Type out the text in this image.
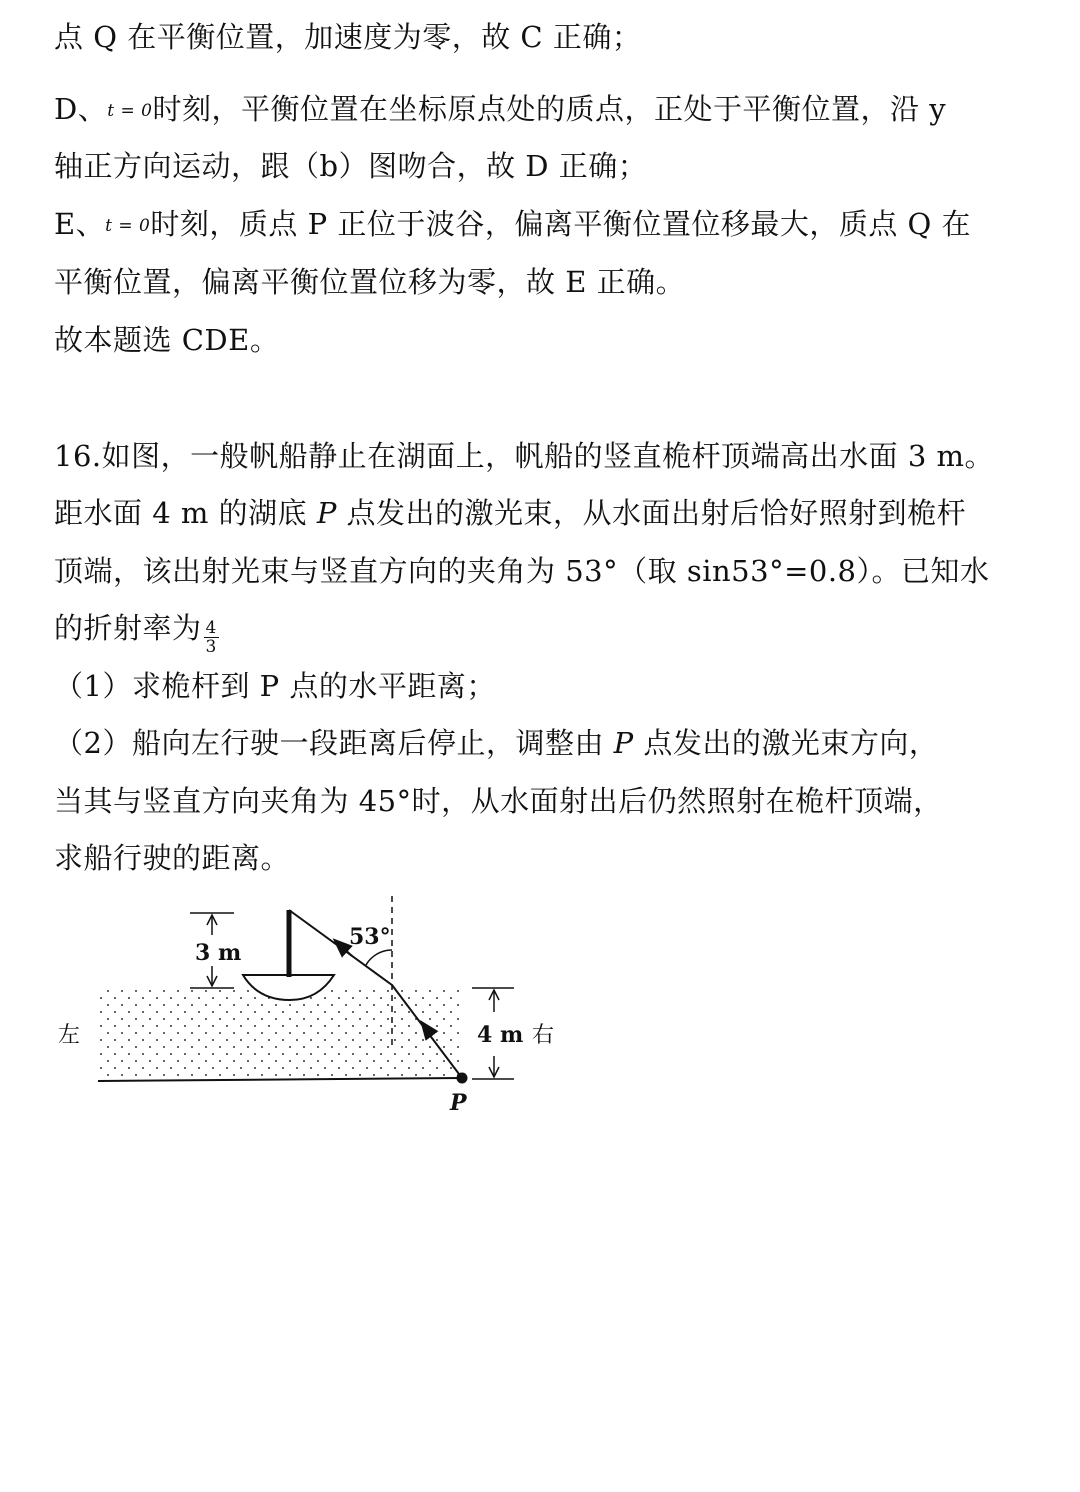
点 Q 在平衡位置，加速度为零，故 C 正确；
D、t = 0时刻，平衡位置在坐标原点处的质点，正处于平衡位置，沿 y
轴正方向运动，跟（b）图吻合，故 D 正确；
E、t = 0时刻，质点 P 正位于波谷，偏离平衡位置位移最大，质点 Q 在
平衡位置，偏离平衡位置位移为零，故 E 正确。
故本题选 CDE。
16.如图，一般帆船静止在湖面上，帆船的竖直桅杆顶端高出水面 3 m。
距水面 4 m 的湖底 P 点发出的激光束，从水面出射后恰好照射到桅杆
顶端，该出射光束与竖直方向的夹角为 53°（取 sin53°=0.8）。已知水
的折射率为 $\frac{4}{3}$
（1）求桅杆到 P 点的水平距离；
（2）船向左行驶一段距离后停止，调整由 P 点发出的激光束方向，
当其与竖直方向夹角为 45°时，从水面射出后仍然照射在桅杆顶端，
求船行驶的距离。
3 m
53°
P
4 m
左	右
